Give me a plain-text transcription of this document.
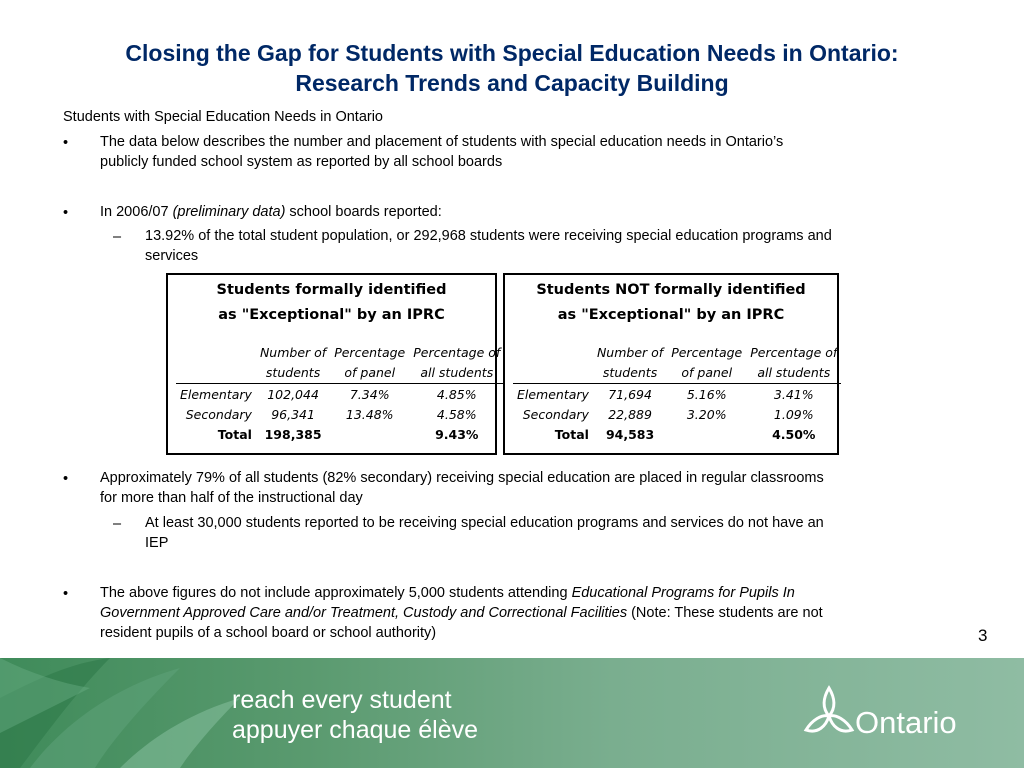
Closing the Gap for Students with Special Education Needs in Ontario:
Research Trends and Capacity Building
Students with Special Education Needs in Ontario
• The data below describes the number and placement of students with special education needs in Ontario’s
publicly funded school system as reported by all school boards
• In 2006/07 (preliminary data) school boards reported:
– 13.92% of the total student population, or 292,968 students were receiving special education programs and
services
Students formally identified
as "Exceptional" by an IPRC
	Number of	Percentage	Percentage of
	students	of panel	all students
Elementary	102,044	7.34%	4.85%
Secondary	96,341	13.48%	4.58%
Total	198,385		9.43%
Students NOT formally identified
as "Exceptional" by an IPRC
	Number of	Percentage	Percentage of
	students	of panel	all students
Elementary	71,694	5.16%	3.41%
Secondary	22,889	3.20%	1.09%
Total	94,583		4.50%
• Approximately 79% of all students (82% secondary) receiving special education are placed in regular classrooms
for more than half of the instructional day
– At least 30,000 students reported to be receiving special education programs and services do not have an
IEP
• The above figures do not include approximately 5,000 students attending Educational Programs for Pupils In
Government Approved Care and/or Treatment, Custody and Correctional Facilities (Note: These students are not
resident pupils of a school board or school authority)	3
reach every student
appuyer chaque élève	Ontario
